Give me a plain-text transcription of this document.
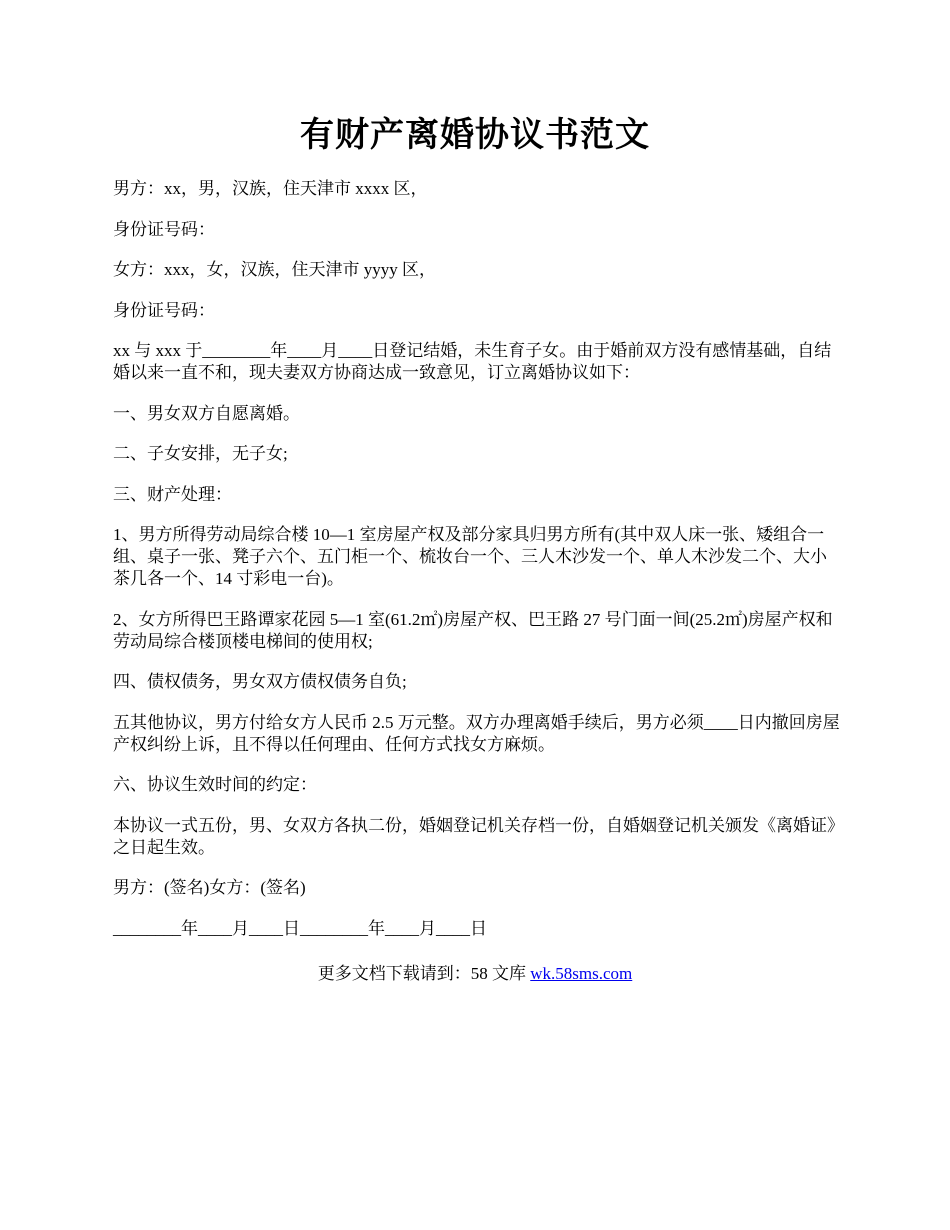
有财产离婚协议书范文

男方：xx，男，汉族，住天津市 xxxx 区，

身份证号码：

女方：xxx，女，汉族，住天津市 yyyy 区，

身份证号码：

xx 与 xxx 于________年____月____日登记结婚，未生育子女。由于婚前双方没有感情基础，自结婚以来一直不和，现夫妻双方协商达成一致意见，订立离婚协议如下：

一、男女双方自愿离婚。

二、子女安排，无子女;

三、财产处理：

1、男方所得劳动局综合楼 10—1 室房屋产权及部分家具归男方所有(其中双人床一张、矮组合一组、桌子一张、凳子六个、五门柜一个、梳妆台一个、三人木沙发一个、单人木沙发二个、大小茶几各一个、14 寸彩电一台)。

2、女方所得巴王路谭家花园 5—1 室(61.2㎡)房屋产权、巴王路 27 号门面一间(25.2㎡)房屋产权和劳动局综合楼顶楼电梯间的使用权;

四、债权债务，男女双方债权债务自负;

五其他协议，男方付给女方人民币 2.5 万元整。双方办理离婚手续后，男方必须____日内撤回房屋产权纠纷上诉，且不得以任何理由、任何方式找女方麻烦。

六、协议生效时间的约定：

本协议一式五份，男、女双方各执二份，婚姻登记机关存档一份，自婚姻登记机关颁发《离婚证》之日起生效。

男方：(签名)女方：(签名)

________年____月____日________年____月____日

更多文档下载请到：58 文库 wk.58sms.com
